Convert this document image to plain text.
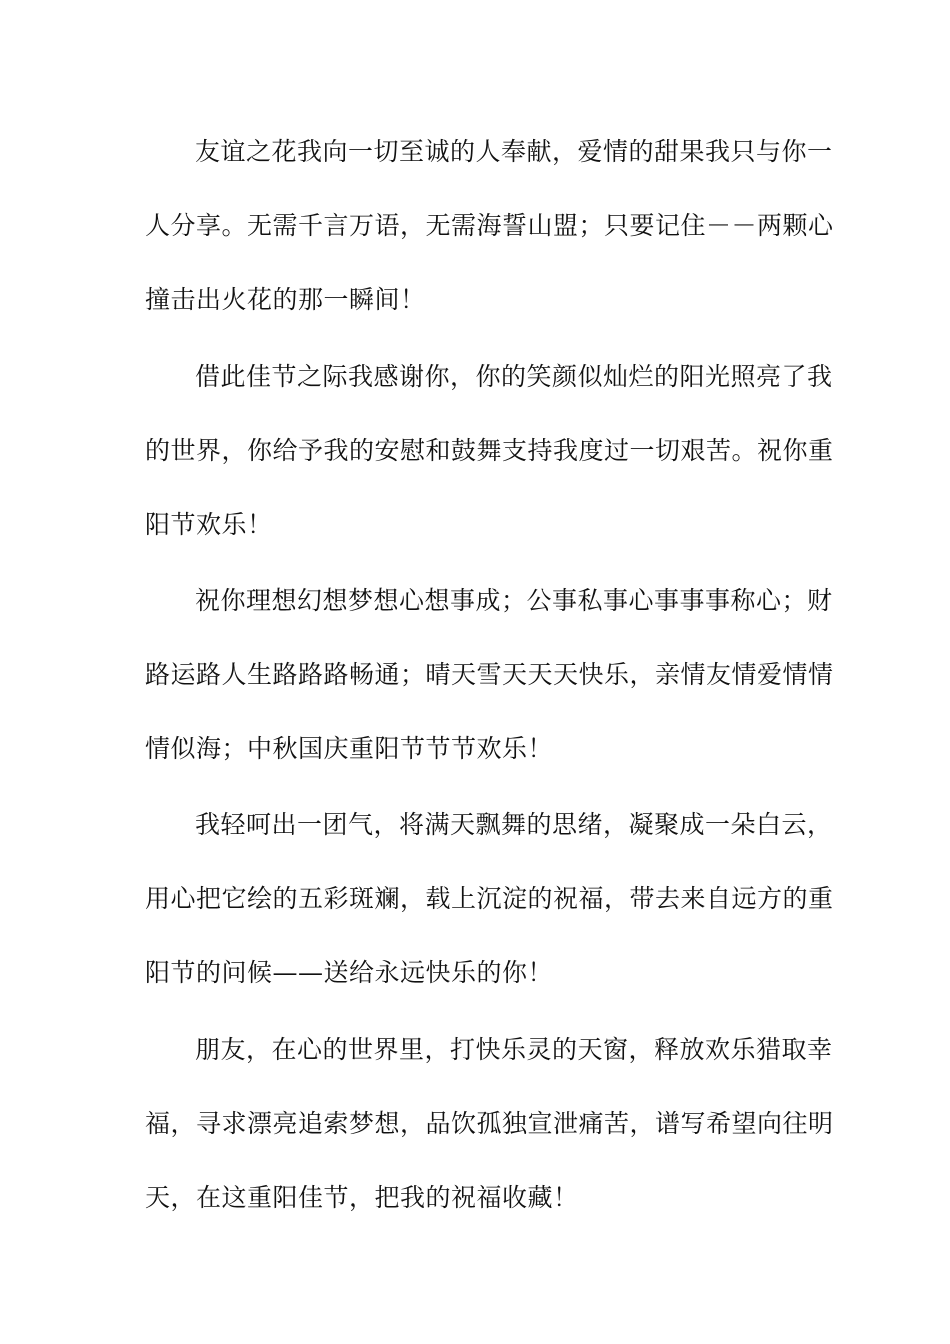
友谊之花我向一切至诚的人奉献，爱情的甜果我只与你一
人分享。无需千言万语，无需海誓山盟；只要记住－－两颗心
撞击出火花的那一瞬间！
借此佳节之际我感谢你，你的笑颜似灿烂的阳光照亮了我
的世界，你给予我的安慰和鼓舞支持我度过一切艰苦。祝你重
阳节欢乐！
祝你理想幻想梦想心想事成；公事私事心事事事称心；财
路运路人生路路路畅通；晴天雪天天天快乐，亲情友情爱情情
情似海；中秋国庆重阳节节节欢乐！
我轻呵出一团气，将满天飘舞的思绪，凝聚成一朵白云，
用心把它绘的五彩斑斓，载上沉淀的祝福，带去来自远方的重
阳节的问候——送给永远快乐的你！
朋友，在心的世界里，打快乐灵的天窗，释放欢乐猎取幸
福，寻求漂亮追索梦想，品饮孤独宣泄痛苦，谱写希望向往明
天，在这重阳佳节，把我的祝福收藏！
